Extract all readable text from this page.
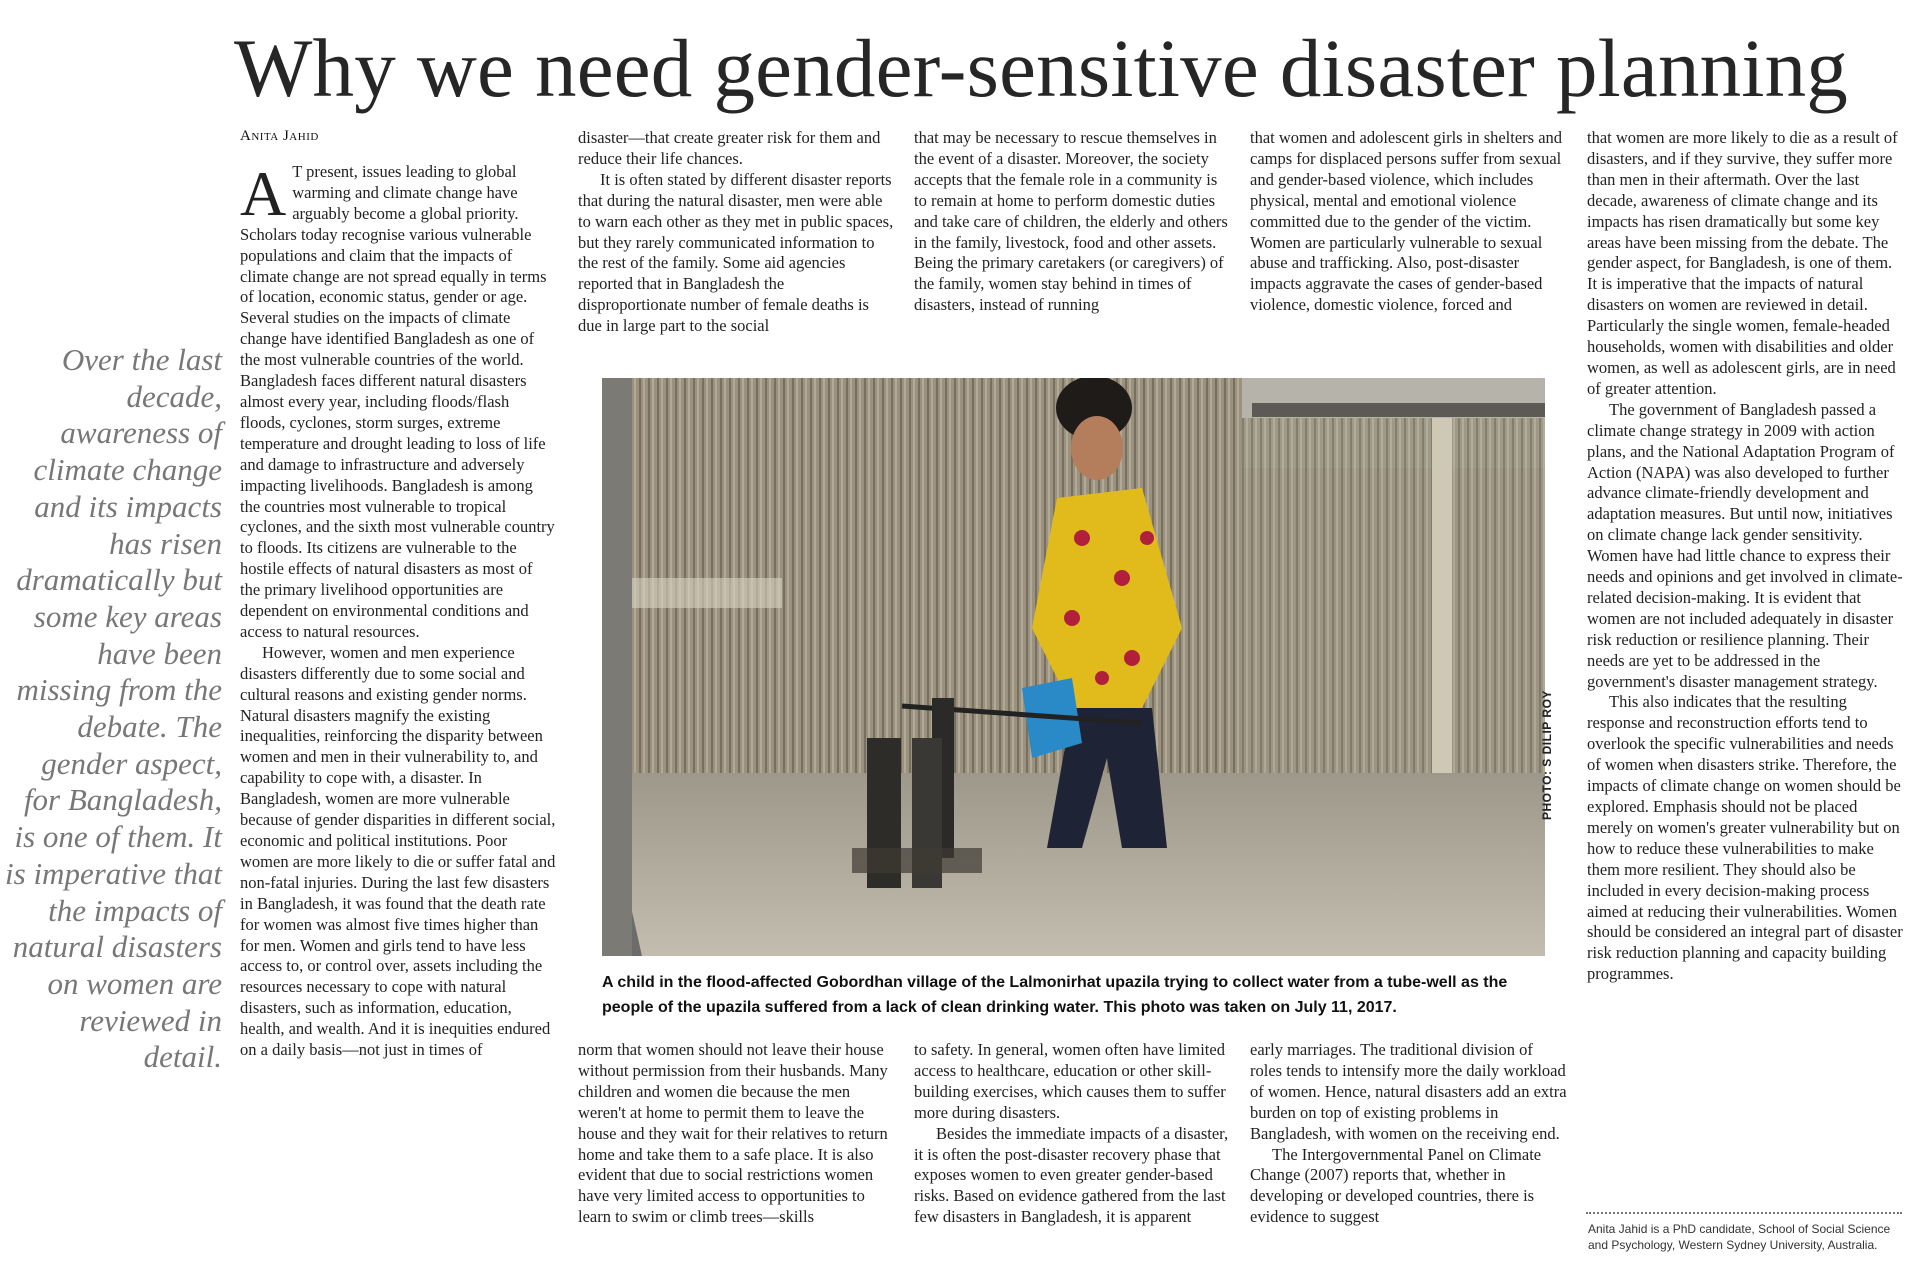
Why we need gender-sensitive disaster planning
Anita Jahid
Over the last decade, awareness of climate change and its impacts has risen dramatically but some key areas have been missing from the debate. The gender aspect, for Bangladesh, is one of them. It is imperative that the impacts of natural disasters on women are reviewed in detail.

A T present, issues leading to global warming and climate change have arguably become a global priority. Scholars today recognise various vulnerable populations and claim that the impacts of climate change are not spread equally in terms of location, economic status, gender or age. Several studies on the impacts of climate change have identified Bangladesh as one of the most vulnerable countries of the world. Bangladesh faces different natural disasters almost every year, including floods/flash floods, cyclones, storm surges, extreme temperature and drought leading to loss of life and damage to infrastructure and adversely impacting livelihoods. Bangladesh is among the countries most vulnerable to tropical cyclones, and the sixth most vulnerable country to floods. Its citizens are vulnerable to the hostile effects of natural disasters as most of the primary livelihood opportunities are dependent on environmental conditions and access to natural resources.

However, women and men experience disasters differently due to some social and cultural reasons and existing gender norms. Natural disasters magnify the existing inequalities, reinforcing the disparity between women and men in their vulnerability to, and capability to cope with, a disaster. In Bangladesh, women are more vulnerable because of gender disparities in different social, economic and political institutions. Poor women are more likely to die or suffer fatal and non-fatal injuries. During the last few disasters in Bangladesh, it was found that the death rate for women was almost five times higher than for men. Women and girls tend to have less access to, or control over, assets including the resources necessary to cope with natural disasters, such as information, education, health, and wealth. And it is inequities endured on a daily basis—not just in times of

disaster—that create greater risk for them and reduce their life chances.

It is often stated by different disaster reports that during the natural disaster, men were able to warn each other as they met in public spaces, but they rarely communicated information to the rest of the family. Some aid agencies reported that in Bangladesh the disproportionate number of female deaths is due in large part to the social

that may be necessary to rescue themselves in the event of a disaster. Moreover, the society accepts that the female role in a community is to remain at home to perform domestic duties and take care of children, the elderly and others in the family, livestock, food and other assets. Being the primary caretakers (or caregivers) of the family, women stay behind in times of disasters, instead of running

that women and adolescent girls in shelters and camps for displaced persons suffer from sexual and gender-based violence, which includes physical, mental and emotional violence committed due to the gender of the victim. Women are particularly vulnerable to sexual abuse and trafficking. Also, post-disaster impacts aggravate the cases of gender-based violence, domestic violence, forced and

that women are more likely to die as a result of disasters, and if they survive, they suffer more than men in their aftermath. Over the last decade, awareness of climate change and its impacts has risen dramatically but some key areas have been missing from the debate. The gender aspect, for Bangladesh, is one of them. It is imperative that the impacts of natural disasters on women are reviewed in detail. Particularly the single women, female-headed households, women with disabilities and older women, as well as adolescent girls, are in need of greater attention.

The government of Bangladesh passed a climate change strategy in 2009 with action plans, and the National Adaptation Program of Action (NAPA) was also developed to further advance climate-friendly development and adaptation measures. But until now, initiatives on climate change lack gender sensitivity. Women have had little chance to express their needs and opinions and get involved in climate-related decision-making. It is evident that women are not included adequately in disaster risk reduction or resilience planning. Their needs are yet to be addressed in the government's disaster management strategy.

This also indicates that the resulting response and reconstruction efforts tend to overlook the specific vulnerabilities and needs of women when disasters strike. Therefore, the impacts of climate change on women should be explored. Emphasis should not be placed merely on women's greater vulnerability but on how to reduce these vulnerabilities to make them more resilient. They should also be included in every decision-making process aimed at reducing their vulnerabilities. Women should be considered an integral part of disaster risk reduction planning and capacity building programmes.

PHOTO: S DILIP ROY
A child in the flood-affected Gobordhan village of the Lalmonirhat upazila trying to collect water from a tube-well as the people of the upazila suffered from a lack of clean drinking water. This photo was taken on July 11, 2017.

norm that women should not leave their house without permission from their husbands. Many children and women die because the men weren't at home to permit them to leave the house and they wait for their relatives to return home and take them to a safe place. It is also evident that due to social restrictions women have very limited access to opportunities to learn to swim or climb trees—skills

to safety. In general, women often have limited access to healthcare, education or other skill-building exercises, which causes them to suffer more during disasters.

Besides the immediate impacts of a disaster, it is often the post-disaster recovery phase that exposes women to even greater gender-based risks. Based on evidence gathered from the last few disasters in Bangladesh, it is apparent

early marriages. The traditional division of roles tends to intensify more the daily workload of women. Hence, natural disasters add an extra burden on top of existing problems in Bangladesh, with women on the receiving end.

The Intergovernmental Panel on Climate Change (2007) reports that, whether in developing or developed countries, there is evidence to suggest

Anita Jahid is a PhD candidate, School of Social Science and Psychology, Western Sydney University, Australia.
